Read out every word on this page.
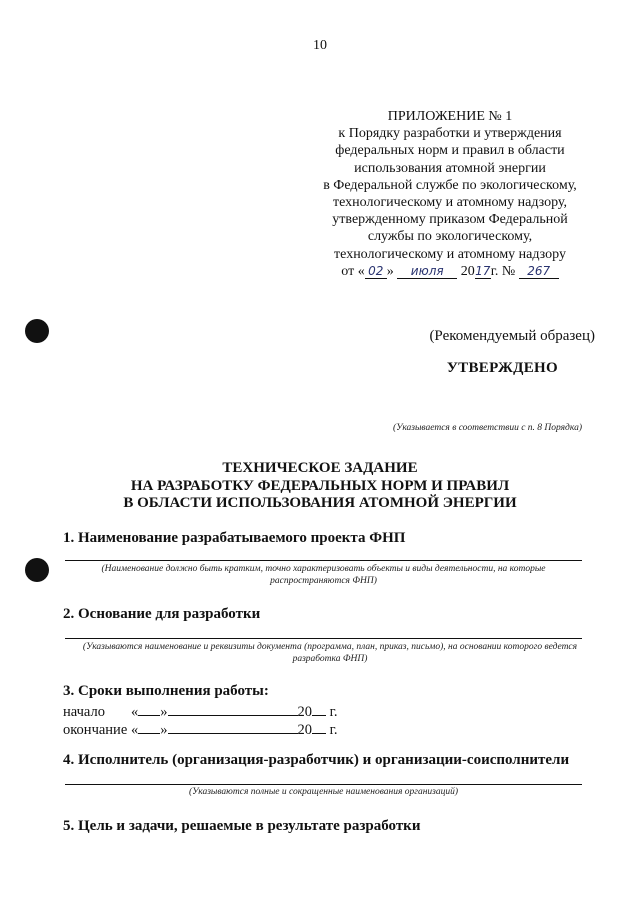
10
ПРИЛОЖЕНИЕ № 1
к Порядку разработки и утверждения
федеральных норм и правил в области
использования атомной энергии
в Федеральной службе по экологическому,
технологическому и атомному надзору,
утвержденному приказом Федеральной
службы по экологическому,
технологическому и атомному надзору
от « 02 » июля 2017г. № 267
(Рекомендуемый образец)
УТВЕРЖДЕНО
(Указывается в соответствии с п. 8 Порядка)
ТЕХНИЧЕСКОЕ ЗАДАНИЕ
НА РАЗРАБОТКУ ФЕДЕРАЛЬНЫХ НОРМ И ПРАВИЛ
В ОБЛАСТИ ИСПОЛЬЗОВАНИЯ АТОМНОЙ ЭНЕРГИИ
1. Наименование разрабатываемого проекта ФНП
(Наименование должно быть кратким, точно характеризовать объекты и виды деятельности, на которые распространяются ФНП)
2. Основание для разработки
(Указываются наименование и реквизиты документа (программа, план, приказ, письмо), на основании которого ведется разработка ФНП)
3. Сроки выполнения работы:
начало « »	20 г.
окончание « »	20 г.
4. Исполнитель (организация-разработчик) и организации-соисполнители
(Указываются полные и сокращенные наименования организаций)
5. Цель и задачи, решаемые в результате разработки
